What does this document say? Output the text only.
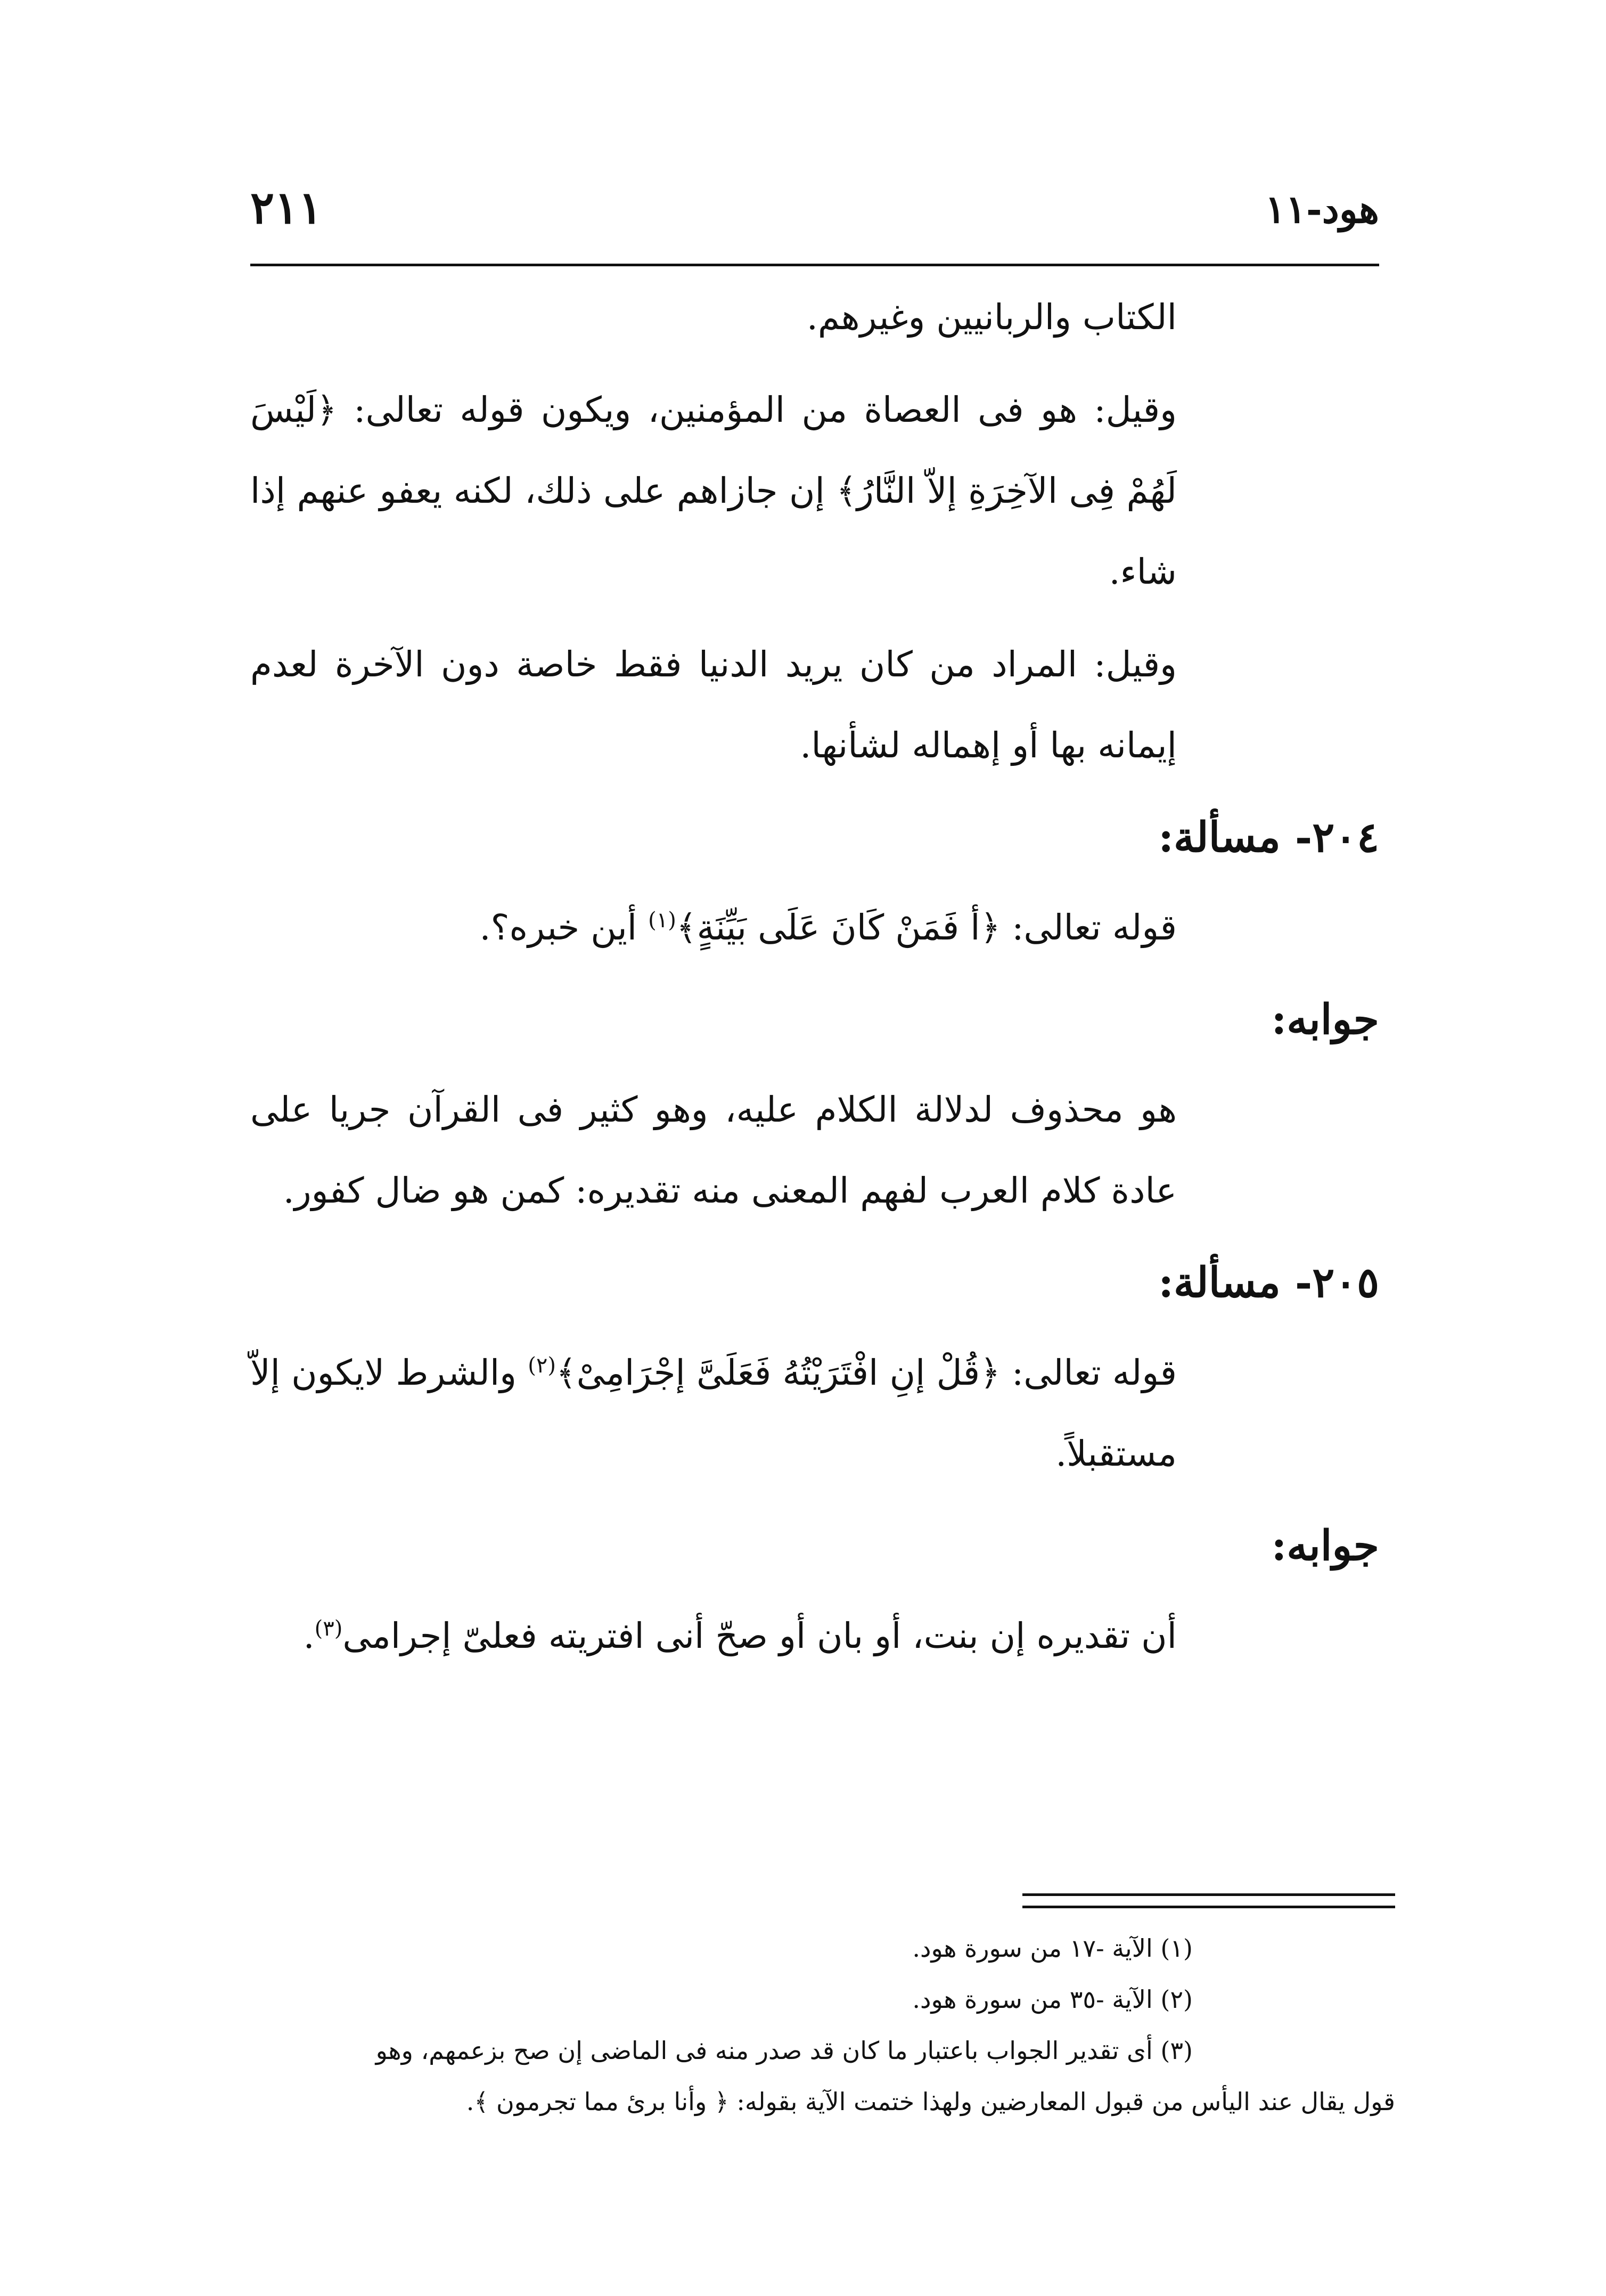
هود-١١
٢١١

الكتاب والربانيين وغيرهم.

وقيل: هو فى العصاة من المؤمنين، ويكون قوله تعالى: ﴿لَيْسَ لَهُمْ فِى الآخِرَةِ إلاّ النَّارُ﴾ إن جازاهم على ذلك، لكنه يعفو عنهم إذا شاء.

وقيل: المراد من كان يريد الدنيا فقط خاصة دون الآخرة لعدم إيمانه بها أو إهماله لشأنها.

٢٠٤- مسألة:

قوله تعالى: ﴿أ فَمَنْ كَانَ عَلَى بَيِّنَةٍ﴾$^{(١)}$ أين خبره؟.

جوابه:

هو محذوف لدلالة الكلام عليه، وهو كثير فى القرآن جريا على عادة كلام العرب لفهم المعنى منه تقديره: كمن هو ضال كفور.

٢٠٥- مسألة:

قوله تعالى: ﴿قُلْ إنِ افْتَرَيْتُهُ فَعَلَىَّ إجْرَامِىْ﴾$^{(٢)}$ والشرط لايكون إلاّ مستقبلاً.

جوابه:

أن تقديره إن بنت، أو بان أو صحّ أنى افتريته فعلىّ إجرامى$^{(٣)}$.

(١) الآية -١٧ من سورة هود.

(٢) الآية -٣٥ من سورة هود.

(٣) أى تقدير الجواب باعتبار ما كان قد صدر منه فى الماضى إن صح بزعمهم، وهو

قول يقال عند اليأس من قبول المعارضين ولهذا ختمت الآية بقوله: ﴿ وأنا برئ مما تجرمون ﴾.
